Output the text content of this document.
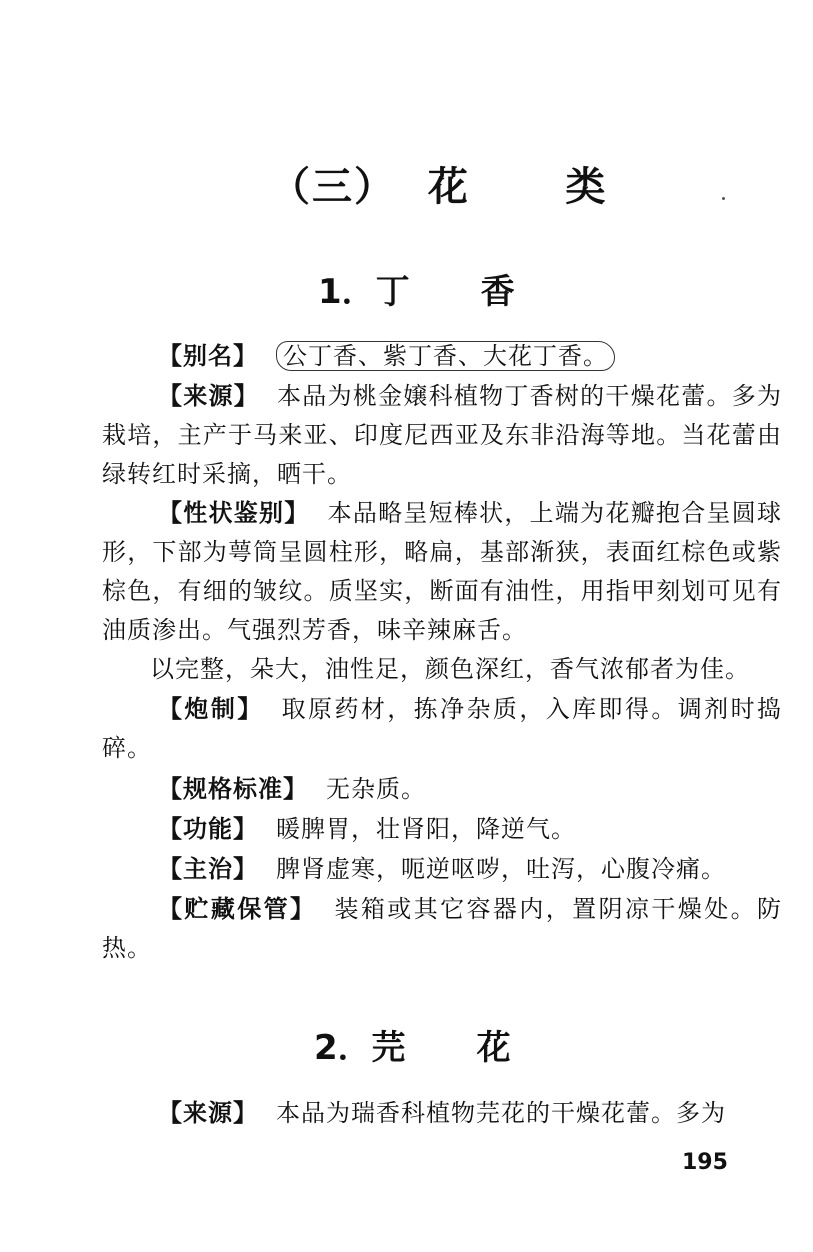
（三）  花      类
1．丁      香
【别名】 公丁香、紫丁香、大花丁香。
【来源】 本品为桃金嬢科植物丁香树的干燥花蕾。多为栽培，主产于马来亚、印度尼西亚及东非沿海等地。当花蕾由绿转红时采摘，晒干。
【性状鉴别】 本品略呈短棒状，上端为花瓣抱合呈圆球形，下部为萼筒呈圆柱形，略扁，基部渐狭，表面红棕色或紫棕色，有细的皱纹。质坚实，断面有油性，用指甲刻划可见有油质渗出。气强烈芳香，味辛辣麻舌。
以完整，朵大，油性足，颜色深红，香气浓郁者为佳。
【炮制】 取原药材，拣净杂质，入库即得。调剂时捣碎。
【规格标准】 无杂质。
【功能】 暖脾胃，壮肾阳，降逆气。
【主治】 脾肾虚寒，呃逆呕哕，吐泻，心腹冷痛。
【贮藏保管】 装箱或其它容器内，置阴凉干燥处。防热。
2．芫      花
【来源】 本品为瑞香科植物芫花的干燥花蕾。多为
195
